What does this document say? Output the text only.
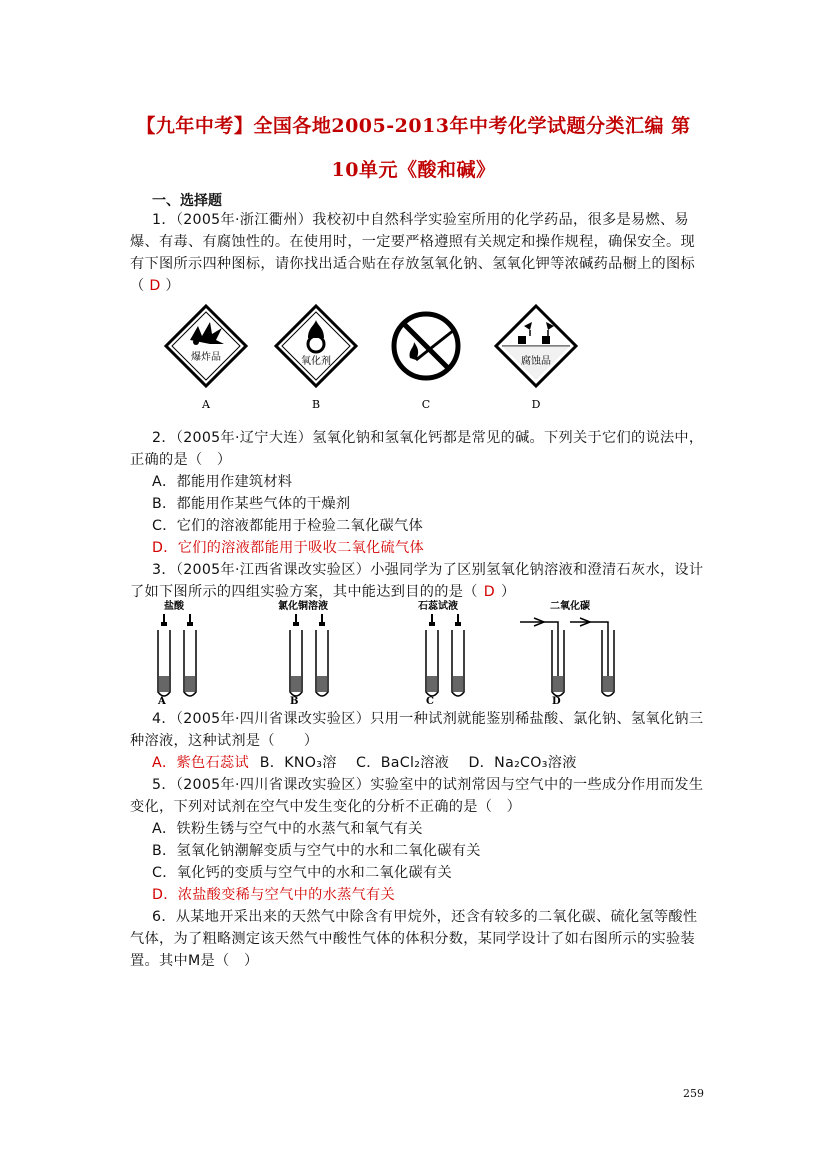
【九年中考】全国各地2005-2013年中考化学试题分类汇编 第
10单元《酸和碱》
一、选择题
1．（2005年·浙江衢州）我校初中自然科学实验室所用的化学药品，很多是易燃、易爆、有毒、有腐蚀性的。在使用时，一定要严格遵照有关规定和操作规程，确保安全。现有下图所示四种图标，请你找出适合贴在存放氢氧化钠、氢氧化钾等浓碱药品橱上的图标（ D ）
爆炸品
A
氧化剂
B	C
腐蚀品
D
2．（2005年·辽宁大连）氢氧化钠和氢氧化钙都是常见的碱。下列关于它们的说法中，正确的是（　）
A．都能用作建筑材料
B．都能用作某些气体的干燥剂
C．它们的溶液都能用于检验二氧化碳气体
D．它们的溶液都能用于吸收二氧化硫气体
3．（2005年·江西省课改实验区）小强同学为了区别氢氧化钠溶液和澄清石灰水，设计了如下图所示的四组实验方案，其中能达到目的的是（ D ）
盐酸
A
氯化铜溶液
B
石蕊试液
C
二氧化碳
D
4．（2005年·四川省课改实验区）只用一种试剂就能鉴别稀盐酸、氯化钠、氢氧化钠三种溶液，这种试剂是（　　）
A．紫色石蕊试 B．KNO₃溶　 C．BaCl₂溶液　 D．Na₂CO₃溶液
5．（2005年·四川省课改实验区）实验室中的试剂常因与空气中的一些成分作用而发生变化，下列对试剂在空气中发生变化的分析不正确的是（　）
A．铁粉生锈与空气中的水蒸气和氧气有关
B．氢氧化钠潮解变质与空气中的水和二氧化碳有关
C．氧化钙的变质与空气中的水和二氧化碳有关
D．浓盐酸变稀与空气中的水蒸气有关
6．从某地开采出来的天然气中除含有甲烷外，还含有较多的二氧化碳、硫化氢等酸性气体，为了粗略测定该天然气中酸性气体的体积分数，某同学设计了如右图所示的实验装置。其中M是（　）
259
